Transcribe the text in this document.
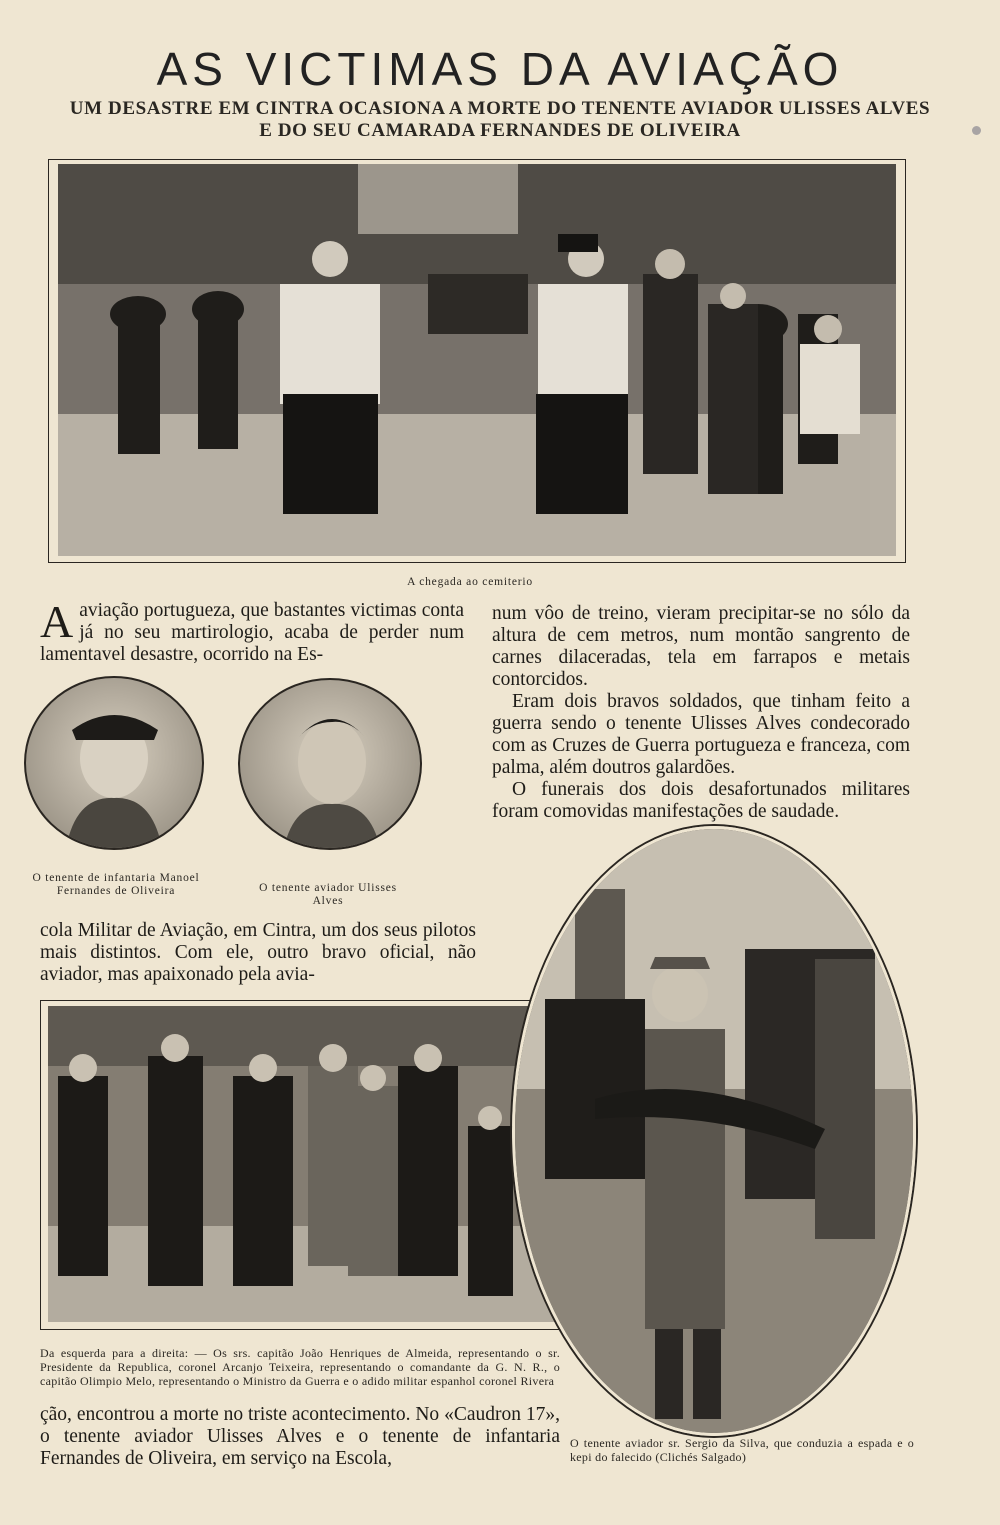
AS VICTIMAS DA AVIAÇÃO
UM DESASTRE EM CINTRA OCASIONA A MORTE DO TENENTE AVIADOR ULISSES ALVES
E DO SEU CAMARADA FERNANDES DE OLIVEIRA
A chegada ao cemiterio
Aaviação portugueza, que bastantes victimas conta já no seu martirologio, acaba de perder num lamentavel desastre, ocorrido na Es-

num vôo de treino, vieram precipitar-se no sólo da altura de cem metros, num montão sangrento de carnes dilaceradas, tela em farrapos e metais contorcidos.

Eram dois bravos soldados, que tinham feito a guerra sendo o tenente Ulisses Alves condecorado com as Cruzes de Guerra portugueza e franceza, com palma, além doutros galardões.

O funerais dos dois desafortunados militares foram comovidas manifestações de saudade.

O tenente de infantaria Manoel Fernandes de Oliveira	O tenente aviador Ulisses Alves
cola Militar de Aviação, em Cintra, um dos seus pilotos mais distintos. Com ele, outro bravo oficial, não aviador, mas apaixonado pela avia-
Da esquerda para a direita: — Os srs. capitão João Henriques de Almeida, representando o sr. Presidente da Republica, coronel Arcanjo Teixeira, representando o comandante da G. N. R., o capitão Olimpio Melo, representando o Ministro da Guerra e o adido militar espanhol coronel Rivera
ção, encontrou a morte no triste acontecimento. No «Caudron 17», o tenente aviador Ulisses Alves e o tenente de infantaria Fernandes de Oliveira, em serviço na Escola,
O tenente aviador sr. Sergio da Silva, que conduzia a espada e o kepi do falecido (Clichés Salgado)
